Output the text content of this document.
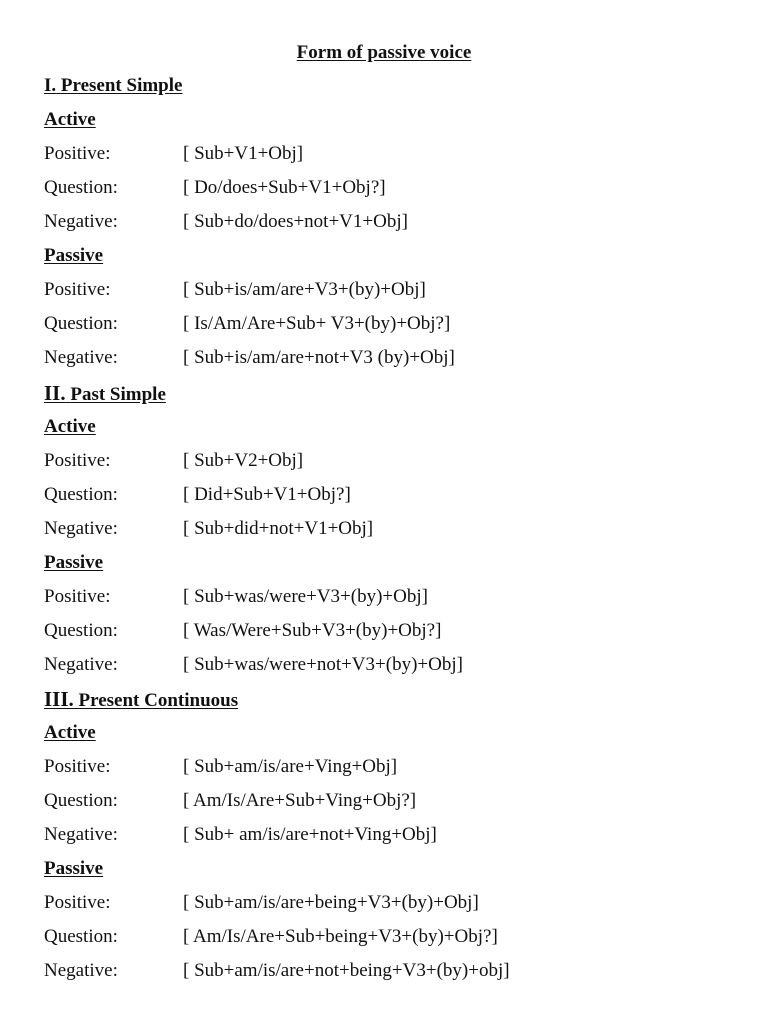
Form of passive voice
I. Present Simple
Active
Positive:	[ Sub+V1+Obj]
Question:	[ Do/does+Sub+V1+Obj?]
Negative:	[ Sub+do/does+not+V1+Obj]
Passive
Positive:	[ Sub+is/am/are+V3+(by)+Obj]
Question:	[ Is/Am/Are+Sub+ V3+(by)+Obj?]
Negative:	[ Sub+is/am/are+not+V3 (by)+Obj]
II. Past Simple
Active
Positive:	[ Sub+V2+Obj]
Question:	[ Did+Sub+V1+Obj?]
Negative:	[ Sub+did+not+V1+Obj]
Passive
Positive:	[ Sub+was/were+V3+(by)+Obj]
Question:	[ Was/Were+Sub+V3+(by)+Obj?]
Negative:	[ Sub+was/were+not+V3+(by)+Obj]
III. Present Continuous
Active
Positive:	[ Sub+am/is/are+Ving+Obj]
Question:	[ Am/Is/Are+Sub+Ving+Obj?]
Negative:	[ Sub+ am/is/are+not+Ving+Obj]
Passive
Positive:	[ Sub+am/is/are+being+V3+(by)+Obj]
Question:	[ Am/Is/Are+Sub+being+V3+(by)+Obj?]
Negative:	[ Sub+am/is/are+not+being+V3+(by)+obj]
